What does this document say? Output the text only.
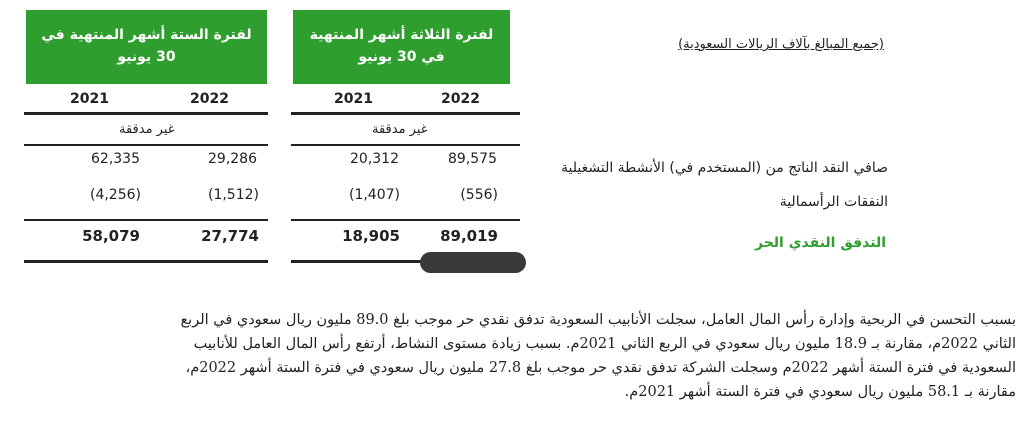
(جميع المبالغ بآلاف الريالات السعودية)
لفترة الثلاثة أشهر المنتهية في 30 يونيو
لفترة الستة أشهر المنتهية في 30 يونيو
2022
2021
2022
2021
غير مدققة
غير مدققة
89,575
20,312
29,286
62,335
صافي النقد الناتج من (المستخدم في) الأنشطة التشغيلية
(556)
(1,407)
(1,512)
(4,256)	النفقات الرأسمالية
89,019
18,905
27,774
58,079	التدفق النقدي الحر
بسبب التحسن في الربحية وإدارة رأس المال العامل، سجلت الأنابيب السعودية تدفق نقدي حر موجب بلغ 89.0 مليون ريال سعودي في الربع
الثاني 2022م، مقارنة بـ 18.9 مليون ريال سعودي في الربع الثاني 2021م. بسبب زيادة مستوى النشاط، أرتفع رأس المال العامل للأنابيب
السعودية في فترة الستة أشهر 2022م وسجلت الشركة تدفق نقدي حر موجب بلغ 27.8 مليون ريال سعودي في فترة الستة أشهر 2022م،
مقارنة بـ 58.1 مليون ريال سعودي في فترة الستة أشهر 2021م.
